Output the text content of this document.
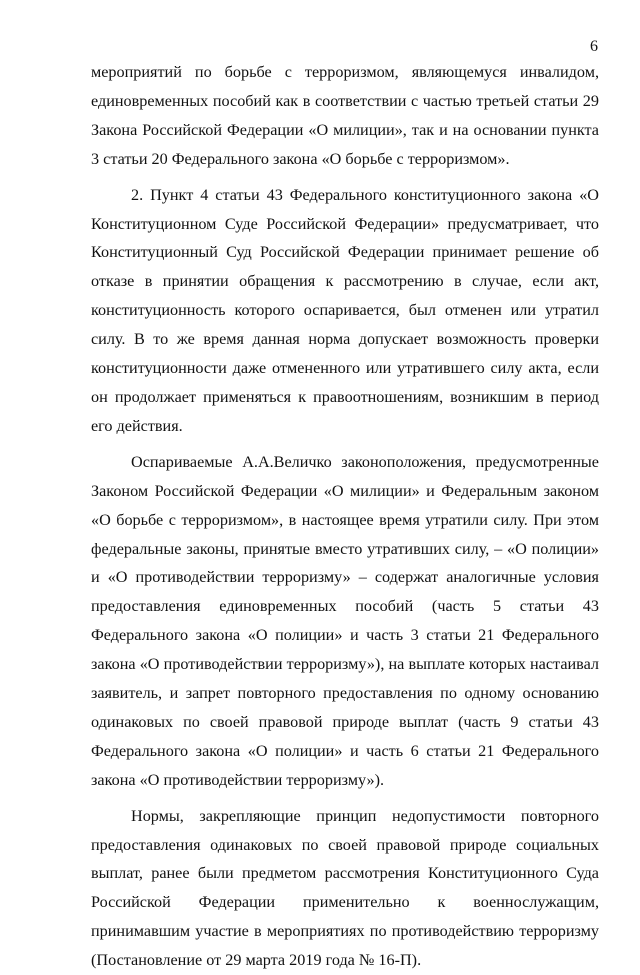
6

мероприятий по борьбе с терроризмом, являющемуся инвалидом, единовременных пособий как в соответствии с частью третьей статьи 29 Закона Российской Федерации «О милиции», так и на основании пункта 3 статьи 20 Федерального закона «О борьбе с терроризмом».

2. Пункт 4 статьи 43 Федерального конституционного закона «О Конституционном Суде Российской Федерации» предусматривает, что Конституционный Суд Российской Федерации принимает решение об отказе в принятии обращения к рассмотрению в случае, если акт, конституционность которого оспаривается, был отменен или утратил силу. В то же время данная норма допускает возможность проверки конституционности даже отмененного или утратившего силу акта, если он продолжает применяться к правоотношениям, возникшим в период его действия.

Оспариваемые А.А.Величко законоположения, предусмотренные Законом Российской Федерации «О милиции» и Федеральным законом «О борьбе с терроризмом», в настоящее время утратили силу. При этом федеральные законы, принятые вместо утративших силу, – «О полиции» и «О противодействии терроризму» – содержат аналогичные условия предоставления единовременных пособий (часть 5 статьи 43 Федерального закона «О полиции» и часть 3 статьи 21 Федерального закона «О противодействии терроризму»), на выплате которых настаивал заявитель, и запрет повторного предоставления по одному основанию одинаковых по своей правовой природе выплат (часть 9 статьи 43 Федерального закона «О полиции» и часть 6 статьи 21 Федерального закона «О противодействии терроризму»).

Нормы, закрепляющие принцип недопустимости повторного предоставления одинаковых по своей правовой природе социальных выплат, ранее были предметом рассмотрения Конституционного Суда Российской Федерации применительно к военнослужащим, принимавшим участие в мероприятиях по противодействию терроризму (Постановление от 29 марта 2019 года № 16-П).
